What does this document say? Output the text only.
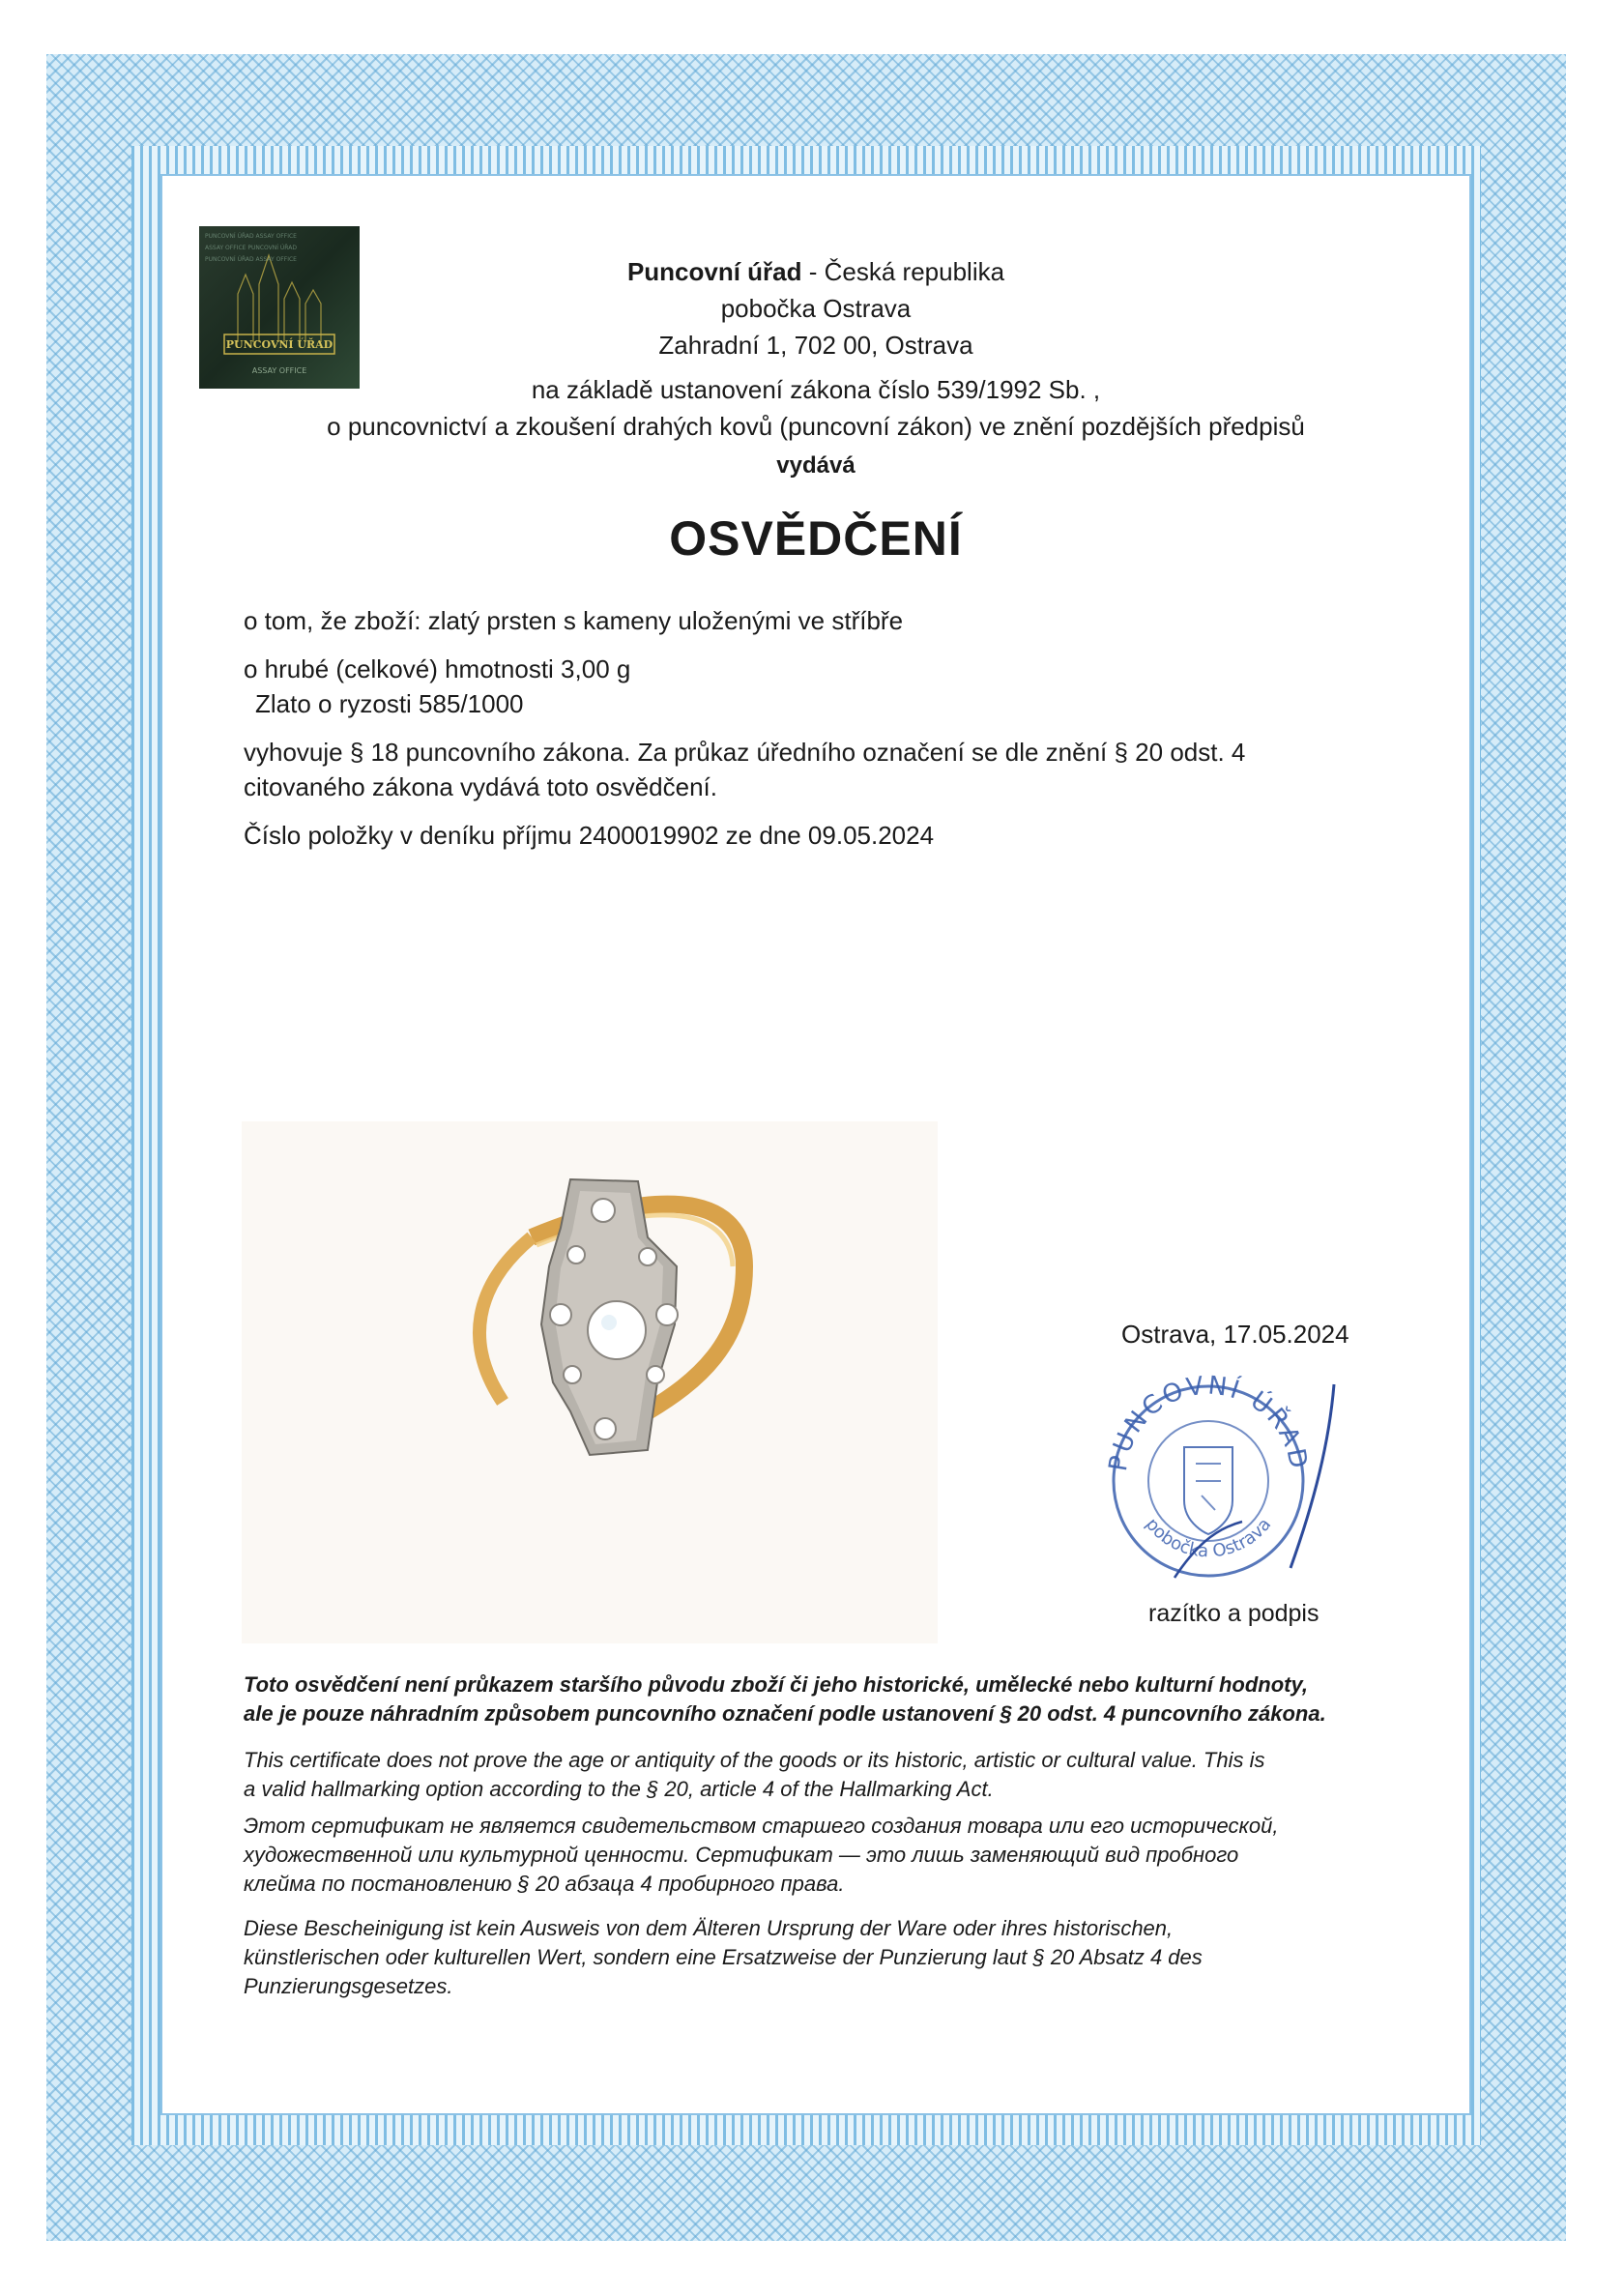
PUNCOVNÍ ÚŘAD
ASSAY OFFICE
PUNCOVNÍ ÚŘAD ASSAY OFFICE
ASSAY OFFICE PUNCOVNÍ ÚŘAD
PUNCOVNÍ ÚŘAD ASSAY OFFICE	Puncovní úřad - Česká republika
pobočka Ostrava
Zahradní 1, 702 00, Ostrava
na základě ustanovení zákona číslo 539/1992 Sb. ,
o puncovnictví a zkoušení drahých kovů (puncovní zákon) ve znění pozdějších předpisů
vydává
OSVĚDČENÍ
o tom, že zboží: zlatý prsten s kameny uloženými ve stříbře
o hrubé (celkové) hmotnosti 3,00 g
Zlato o ryzosti 585/1000
vyhovuje § 18 puncovního zákona. Za průkaz úředního označení se dle znění § 20 odst. 4
citovaného zákona vydává toto osvědčení.
Číslo položky v deníku příjmu 2400019902 ze dne 09.05.2024
Ostrava, 17.05.2024
PUNCOVNÍ ÚŘAD
pobočka Ostrava
razítko a podpis
Toto osvědčení není průkazem staršího původu zboží či jeho historické, umělecké nebo kulturní hodnoty,
ale je pouze náhradním způsobem puncovního označení podle ustanovení § 20 odst. 4 puncovního zákona.
This certificate does not prove the age or antiquity of the goods or its historic, artistic or cultural value. This is
a valid hallmarking option according to the § 20, article 4 of the Hallmarking Act.
Этот сертификат не является свидетельством старшего создания товара или его исторической,
художественной или культурной ценности. Сертификат — это лишь заменяющий вид пробного
клейма по постановлению § 20 абзаца 4 пробирного права.
Diese Bescheinigung ist kein Ausweis von dem Älteren Ursprung der Ware oder ihres historischen,
künstlerischen oder kulturellen Wert, sondern eine Ersatzweise der Punzierung laut § 20 Absatz 4 des
Punzierungsgesetzes.
